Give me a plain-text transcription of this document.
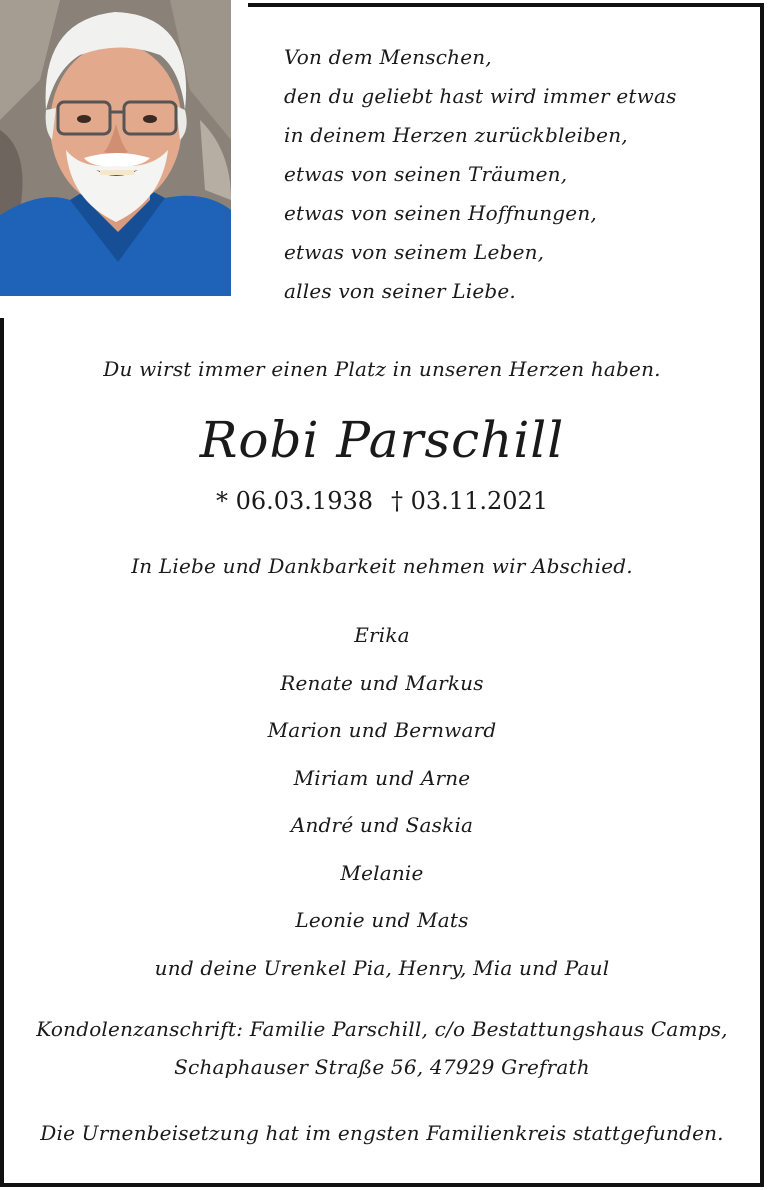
Von dem Menschen,
den du geliebt hast wird immer etwas
in deinem Herzen zurückbleiben,
etwas von seinen Träumen,
etwas von seinen Hoffnungen,
etwas von seinem Leben,
alles von seiner Liebe.
Du wirst immer einen Platz in unseren Herzen haben.
Robi Parschill
* 06.03.1938 † 03.11.2021
In Liebe und Dankbarkeit nehmen wir Abschied.
Erika
Renate und Markus
Marion und Bernward
Miriam und Arne
André und Saskia
Melanie
Leonie und Mats
und deine Urenkel Pia, Henry, Mia und Paul
Kondolenzanschrift: Familie Parschill, c/o Bestattungshaus Camps,
Schaphauser Straße 56, 47929 Grefrath
Die Urnenbeisetzung hat im engsten Familienkreis stattgefunden.
